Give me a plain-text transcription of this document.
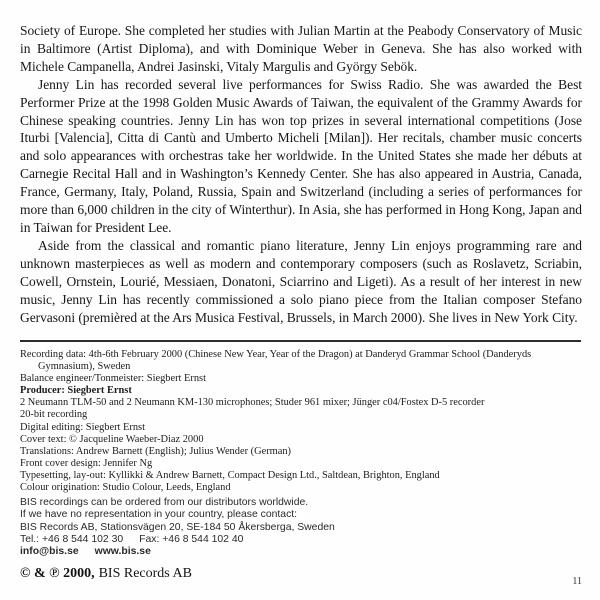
Society of Europe. She completed her studies with Julian Martin at the Peabody Conservatory of Music in Baltimore (Artist Diploma), and with Dominique Weber in Geneva. She has also worked with Michele Campanella, Andrei Jasinski, Vitaly Margulis and György Sebök.

Jenny Lin has recorded several live performances for Swiss Radio. She was awarded the Best Performer Prize at the 1998 Golden Music Awards of Taiwan, the equivalent of the Grammy Awards for Chinese speaking countries. Jenny Lin has won top prizes in several international competitions (Jose Iturbi [Valencia], Citta di Cantù and Umberto Micheli [Milan]). Her recitals, chamber music concerts and solo appearances with orchestras take her worldwide. In the United States she made her débuts at Carnegie Recital Hall and in Washington’s Kennedy Center. She has also appeared in Austria, Canada, France, Germany, Italy, Poland, Russia, Spain and Switzerland (including a series of performances for more than 6,000 children in the city of Winterthur). In Asia, she has performed in Hong Kong, Japan and in Taiwan for President Lee.

Aside from the classical and romantic piano literature, Jenny Lin enjoys programming rare and unknown masterpieces as well as modern and contemporary composers (such as Roslavetz, Scriabin, Cowell, Ornstein, Lourié, Messiaen, Donatoni, Sciarrino and Ligeti). As a result of her interest in new music, Jenny Lin has recently commissioned a solo piano piece from the Italian composer Stefano Gervasoni (premièred at the Ars Musica Festival, Brussels, in March 2000). She lives in New York City.

Recording data: 4th-6th February 2000 (Chinese New Year, Year of the Dragon) at Danderyd Grammar School (Danderyds Gymnasium), Sweden
Balance engineer/Tonmeister: Siegbert Ernst
Producer: Siegbert Ernst
2 Neumann TLM-50 and 2 Neumann KM-130 microphones; Studer 961 mixer; Jünger c04/Fostex D-5 recorder
20-bit recording
Digital editing: Siegbert Ernst
Cover text: © Jacqueline Waeber-Diaz 2000
Translations: Andrew Barnett (English); Julius Wender (German)
Front cover design: Jennifer Ng
Typesetting, lay-out: Kyllikki & Andrew Barnett, Compact Design Ltd., Saltdean, Brighton, England
Colour origination: Studio Colour, Leeds, England
BIS recordings can be ordered from our distributors worldwide.
If we have no representation in your country, please contact:
BIS Records AB, Stationsvägen 20, SE-184 50 Åkersberga, Sweden
Tel.: +46 8 544 102 30 Fax: +46 8 544 102 40
info@bis.se www.bis.se
© & ℗ 2000, BIS Records AB
11
